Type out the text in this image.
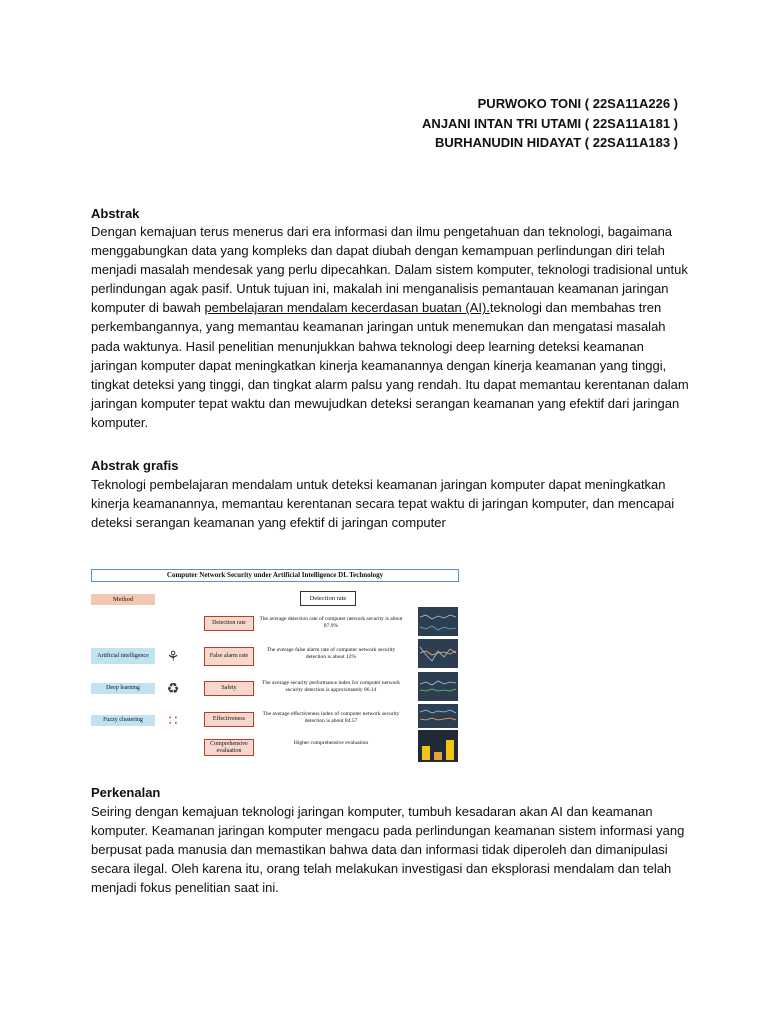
PURWOKO TONI ( 22SA11A226 )
ANJANI INTAN TRI UTAMI ( 22SA11A181 )
BURHANUDIN HIDAYAT ( 22SA11A183 )
Abstrak
Dengan kemajuan terus menerus dari era informasi dan ilmu pengetahuan dan teknologi, bagaimana menggabungkan data yang kompleks dan dapat diubah dengan kemampuan perlindungan diri telah menjadi masalah mendesak yang perlu dipecahkan. Dalam sistem komputer, teknologi tradisional untuk perlindungan agak pasif. Untuk tujuan ini, makalah ini menganalisis pemantauan keamanan jaringan komputer di bawah pembelajaran mendalam kecerdasan buatan (AI).teknologi dan membahas tren perkembangannya, yang memantau keamanan jaringan untuk menemukan dan mengatasi masalah pada waktunya. Hasil penelitian menunjukkan bahwa teknologi deep learning deteksi keamanan jaringan komputer dapat meningkatkan kinerja keamanannya dengan kinerja keamanan yang tinggi, tingkat deteksi yang tinggi, dan tingkat alarm palsu yang rendah. Itu dapat memantau kerentanan dalam jaringan komputer tepat waktu dan mewujudkan deteksi serangan keamanan yang efektif dari jaringan komputer.
Abstrak grafis
Teknologi pembelajaran mendalam untuk deteksi keamanan jaringan komputer dapat meningkatkan kinerja keamanannya, memantau kerentanan secara tepat waktu di jaringan komputer, dan mencapai deteksi serangan keamanan yang efektif di jaringan computer
Computer Network Security under Artificial Intelligence DL Technology
Method	Detection rate
Artificial intelligence
Deep learning
Fuzzy clustering
⚘
♻
∷
Detection rate
False alarm rate
Safety
Effectiveness
Comprehensive evaluation
The average detection rate of computer network security is about 87.9%
The average false alarm rate of computer network security detection is about 12%
The average security performance index for computer network security detection is approximately 86.14
The average effectiveness index of computer network security detection is about 84.57
Higher comprehensive evaluation
Perkenalan
Seiring dengan kemajuan teknologi jaringan komputer, tumbuh kesadaran akan AI dan keamanan komputer. Keamanan jaringan komputer mengacu pada perlindungan keamanan sistem informasi yang berpusat pada manusia dan memastikan bahwa data dan informasi tidak diperoleh dan dimanipulasi secara ilegal. Oleh karena itu, orang telah melakukan investigasi dan eksplorasi mendalam dan telah menjadi fokus penelitian saat ini.
